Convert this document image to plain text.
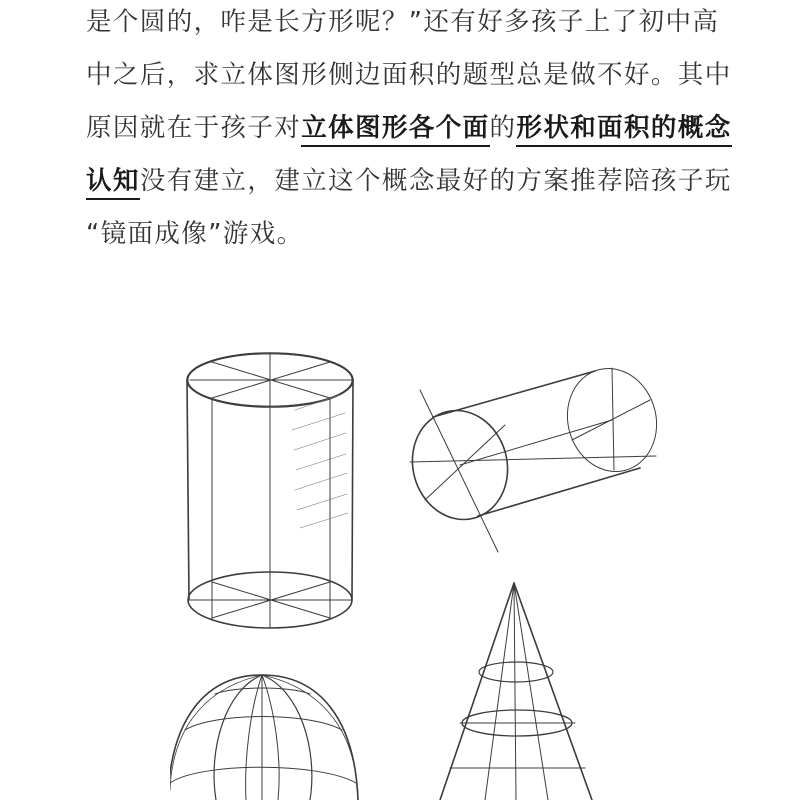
是个圆的，咋是长方形呢？”还有好多孩子上了初中高
中之后，求立体图形侧边面积的题型总是做不好。其中
原因就在于孩子对立体图形各个面的形状和面积的概念
认知没有建立，建立这个概念最好的方案推荐陪孩子玩
“镜面成像”游戏。
